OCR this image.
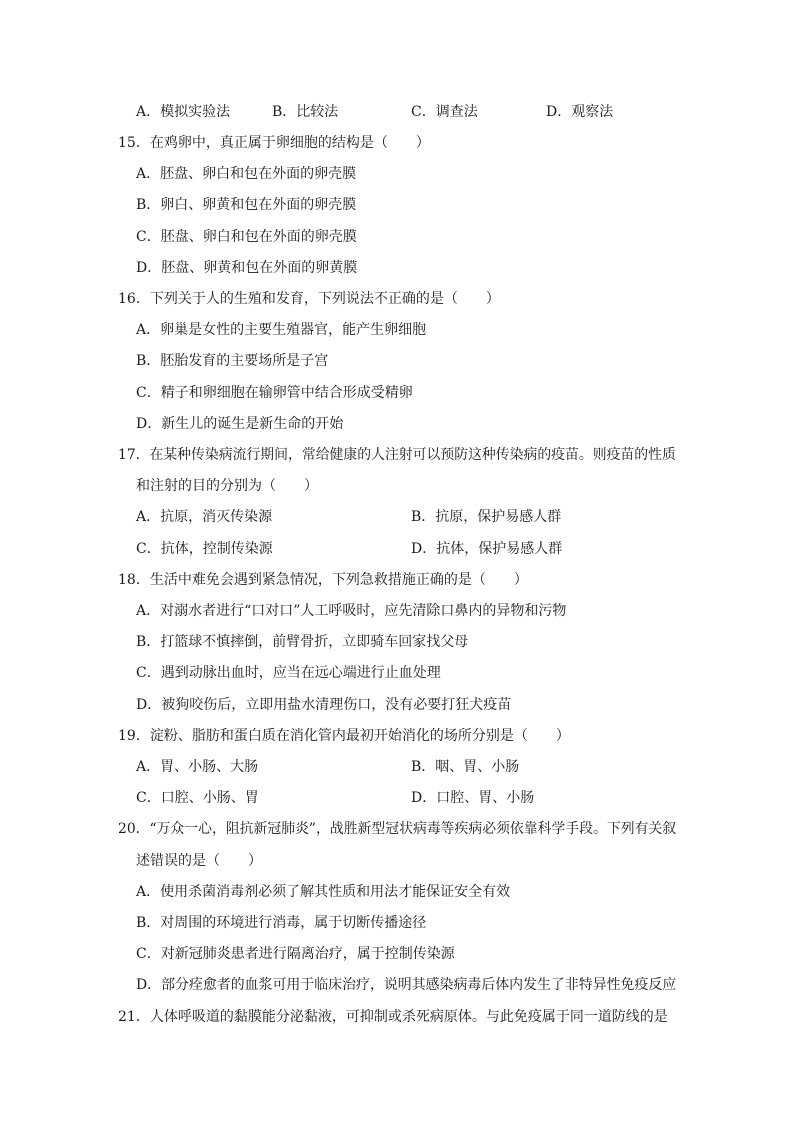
A．模拟实验法	B．比较法	C．调查法	D．观察法
15．在鸡卵中，真正属于卵细胞的结构是（　　）
A．胚盘、卵白和包在外面的卵壳膜
B．卵白、卵黄和包在外面的卵壳膜
C．胚盘、卵白和包在外面的卵壳膜
D．胚盘、卵黄和包在外面的卵黄膜
16．下列关于人的生殖和发育，下列说法不正确的是（　　）
A．卵巢是女性的主要生殖器官，能产生卵细胞
B．胚胎发育的主要场所是子宫
C．精子和卵细胞在输卵管中结合形成受精卵
D．新生儿的诞生是新生命的开始
17．在某种传染病流行期间，常给健康的人注射可以预防这种传染病的疫苗。则疫苗的性质
和注射的目的分别为（　　）
A．抗原，消灭传染源	B．抗原，保护易感人群
C．抗体，控制传染源	D．抗体，保护易感人群
18．生活中难免会遇到紧急情况，下列急救措施正确的是（　　）
A．对溺水者进行“口对口”人工呼吸时，应先清除口鼻内的异物和污物
B．打篮球不慎摔倒，前臂骨折，立即骑车回家找父母
C．遇到动脉出血时，应当在远心端进行止血处理
D．被狗咬伤后，立即用盐水清理伤口，没有必要打狂犬疫苗
19．淀粉、脂肪和蛋白质在消化管内最初开始消化的场所分别是（　　）
A．胃、小肠、大肠	B．咽、胃、小肠
C．口腔、小肠、胃	D．口腔、胃、小肠
20．“万众一心，阻抗新冠肺炎”，战胜新型冠状病毒等疾病必须依靠科学手段。下列有关叙
述错误的是（　　）
A．使用杀菌消毒剂必须了解其性质和用法才能保证安全有效
B．对周围的环境进行消毒，属于切断传播途径
C．对新冠肺炎患者进行隔离治疗，属于控制传染源
D．部分痊愈者的血浆可用于临床治疗，说明其感染病毒后体内发生了非特异性免疫反应
21．人体呼吸道的黏膜能分泌黏液，可抑制或杀死病原体。与此免疫属于同一道防线的是
